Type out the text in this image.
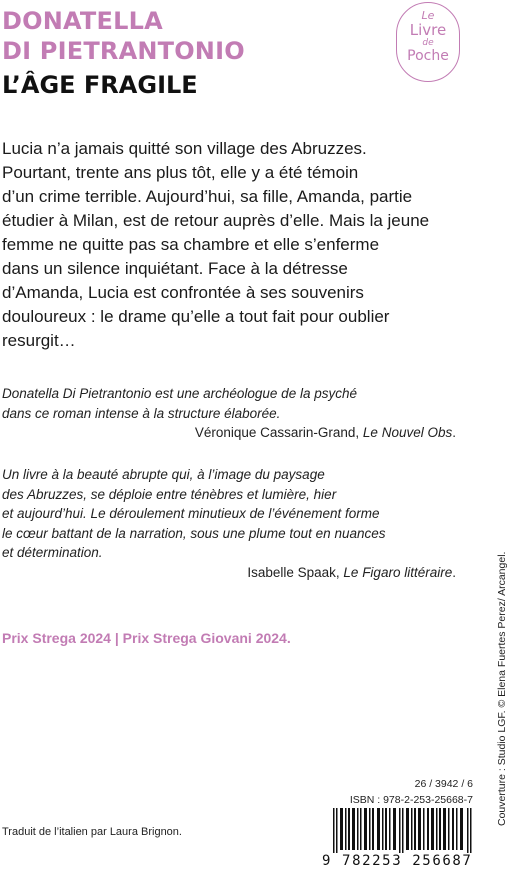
DONATELLA
DI PIETRANTONIO
L’ÂGE FRAGILE
Le
Livre
de
Poche

Lucia n’a jamais quitté son village des Abruzzes.
Pourtant, trente ans plus tôt, elle y a été témoin
d’un crime terrible. Aujourd’hui, sa fille, Amanda, partie
étudier à Milan, est de retour auprès d’elle. Mais la jeune
femme ne quitte pas sa chambre et elle s’enferme
dans un silence inquiétant. Face à la détresse
d’Amanda, Lucia est confrontée à ses souvenirs
douloureux : le drame qu’elle a tout fait pour oublier
resurgit…

Donatella Di Pietrantonio est une archéologue de la psyché
dans ce roman intense à la structure élaborée.
Véronique Cassarin-Grand, Le Nouvel Obs.
Un livre à la beauté abrupte qui, à l’image du paysage
des Abruzzes, se déploie entre ténèbres et lumière, hier
et aujourd’hui. Le déroulement minutieux de l’événement forme
le cœur battant de la narration, sous une plume tout en nuances
et détermination.
Isabelle Spaak, Le Figaro littéraire.

Prix Strega 2024 | Prix Strega Giovani 2024.	Couverture : Studio LGF. © Elena Fuertes Perez/ Arcangel.
26 / 3942 / 6
ISBN : 978-2-253-25668-7
Traduit de l’italien par Laura Brignon.
9 782253 256687
